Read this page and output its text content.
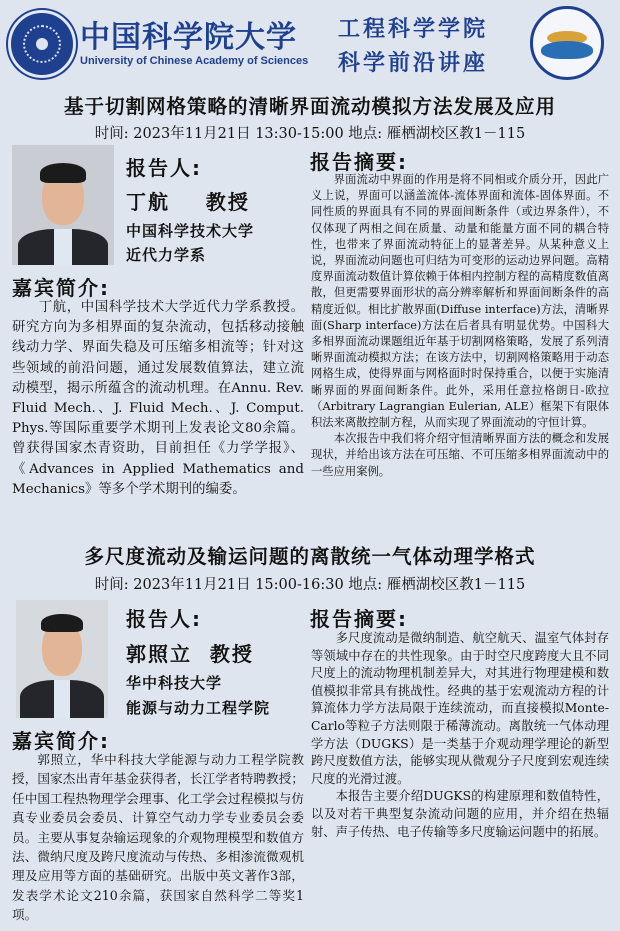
中国科学院大学
University of Chinese Academy of Sciences
工程科学学院
科学前沿讲座
基于切割网格策略的清晰界面流动模拟方法发展及应用
时间: 2023年11月21日 13:30-15:00 地点: 雁栖湖校区教1－115
报告人:
丁航    教授
中国科学技术大学
近代力学系
嘉宾简介:
丁航，中国科学技术大学近代力学系教授。研究方向为多相界面的复杂流动，包括移动接触线动力学、界面失稳及可压缩多相流等；针对这些领域的前沿问题，通过发展数值算法，建立流动模型，揭示所蕴含的流动机理。在Annu. Rev. Fluid Mech.、J. Fluid Mech.、J. Comput. Phys.等国际重要学术期刊上发表论文80余篇。曾获得国家杰青资助，目前担任《力学学报》、《Advances in Applied Mathematics and Mechanics》等多个学术期刊的编委。
报告摘要:
界面流动中界面的作用是将不同相或介质分开，因此广义上说，界面可以涵盖流体-流体界面和流体-固体界面。不同性质的界面具有不同的界面间断条件（或边界条件），不仅体现了两相之间在质量、动量和能量方面不同的耦合特性，也带来了界面流动特征上的显著差异。从某种意义上说，界面流动问题也可归结为可变形的运动边界问题。高精度界面流动数值计算依赖于体相内控制方程的高精度数值离散，但更需要界面形状的高分辨率解析和界面间断条件的高精度近似。相比扩散界面(Diffuse interface)方法，清晰界面(Sharp interface)方法在后者具有明显优势。中国科大多相界面流动课题组近年基于切割网格策略，发展了系列清晰界面流动模拟方法；在该方法中，切割网格策略用于动态网格生成，使得界面与网格面时时保持重合，以便于实施清晰界面的界面间断条件。此外，采用任意拉格朗日-欧拉（Arbitrary Lagrangian Eulerian, ALE）框架下有限体积法来离散控制方程，从而实现了界面流动的守恒计算。
本次报告中我们将介绍守恒清晰界面方法的概念和发展现状，并给出该方法在可压缩、不可压缩多相界面流动中的一些应用案例。
多尺度流动及输运问题的离散统一气体动理学格式
时间: 2023年11月21日 15:00-16:30 地点: 雁栖湖校区教1－115
报告人:
郭照立  教授
华中科技大学
能源与动力工程学院
嘉宾简介:
郭照立，华中科技大学能源与动力工程学院教授，国家杰出青年基金获得者，长江学者特聘教授；任中国工程热物理学会理事、化工学会过程模拟与仿真专业委员会委员、计算空气动力学专业委员会委员。主要从事复杂输运现象的介观物理模型和数值方法、微纳尺度及跨尺度流动与传热、多相渗流微观机理及应用等方面的基础研究。出版中英文著作3部，发表学术论文210余篇，获国家自然科学二等奖1项。
报告摘要:
多尺度流动是微纳制造、航空航天、温室气体封存等领域中存在的共性现象。由于时空尺度跨度大且不同尺度上的流动物理机制差异大，对其进行物理建模和数值模拟非常具有挑战性。经典的基于宏观流动方程的计算流体力学方法局限于连续流动，而直接模拟Monte-Carlo等粒子方法则限于稀薄流动。离散统一气体动理学方法（DUGKS）是一类基于介观动理学理论的新型跨尺度数值方法，能够实现从微观分子尺度到宏观连续尺度的光滑过渡。
本报告主要介绍DUGKS的构建原理和数值特性，以及对若干典型复杂流动问题的应用，并介绍在热辐射、声子传热、电子传输等多尺度输运问题中的拓展。
